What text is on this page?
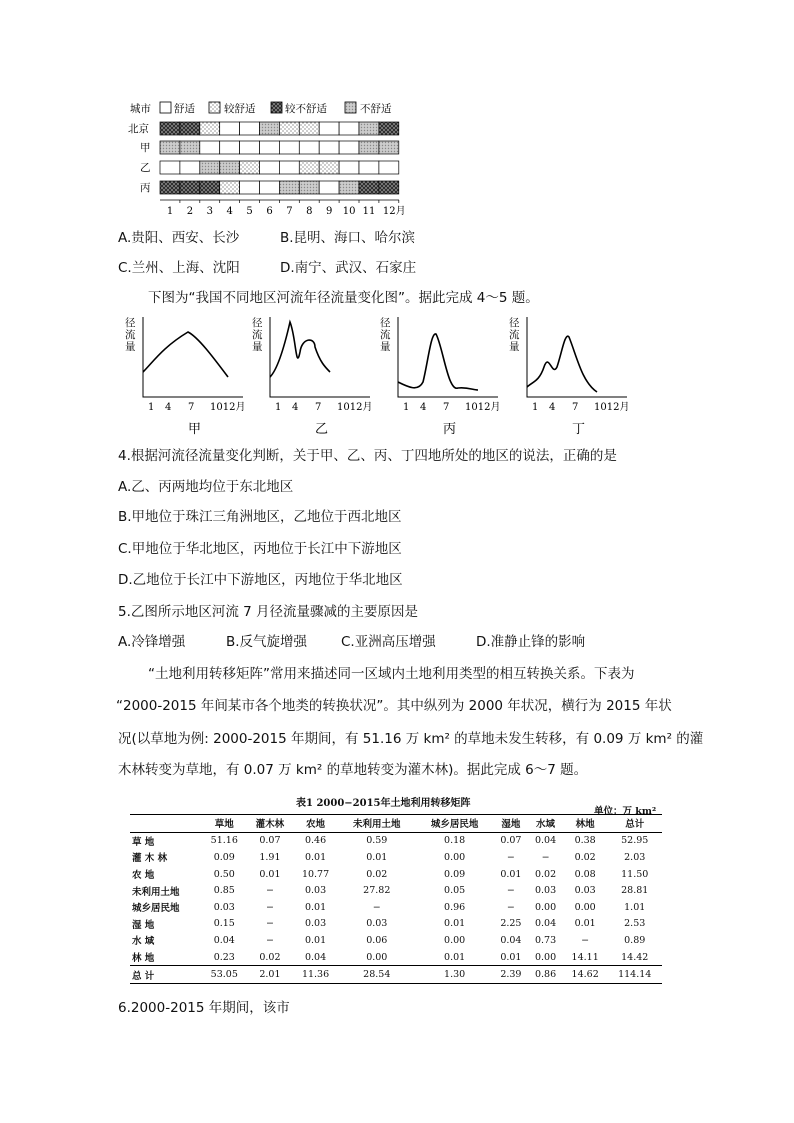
城市 舒适	较舒适	较不舒适	不舒适
北京
甲
乙
丙
1 2 3 4 5 6 7 8 9 10 11 12月
A.贵阳、西安、长沙	B.昆明、海口、哈尔滨
C.兰州、上海、沈阳	D.南宁、武汉、石家庄
下图为“我国不同地区河流年径流量变化图”。据此完成 4～5 题。
径
流
量
1 4 7 1012月
甲
径
流
量
1 4 7 1012月
乙
径
流
量
1 4 7 1012月
丙
径
流
量
1 4 7 1012月
丁
4.根据河流径流量变化判断，关于甲、乙、丙、丁四地所处的地区的说法，正确的是
A.乙、丙两地均位于东北地区
B.甲地位于珠江三角洲地区，乙地位于西北地区
C.甲地位于华北地区，丙地位于长江中下游地区
D.乙地位于长江中下游地区，丙地位于华北地区
5.乙图所示地区河流 7 月径流量骤减的主要原因是
A.冷锋增强	B.反气旋增强	C.亚洲高压增强	D.准静止锋的影响
“土地利用转移矩阵”常用来描述同一区域内土地利用类型的相互转换关系。下表为
“2000-2015 年间某市各个地类的转换状况”。其中纵列为 2000 年状况，横行为 2015 年状
况(以草地为例: 2000-2015 年期间，有 51.16 万 km² 的草地未发生转移，有 0.09 万 km² 的灌
木林转变为草地，有 0.07 万 km² 的草地转变为灌木林)。据此完成 6～7 题。
表1 2000−2015年土地利用转移矩阵
单位：万 km²
	草地	灌木林	农地	未利用土地	城乡居民地	湿地	水域	林地	总计
草 地	51.16	0.07	0.46	0.59	0.18	0.07	0.04	0.38	52.95
灌 木 林	0.09	1.91	0.01	0.01	0.00	−	−	0.02	2.03
农 地	0.50	0.01	10.77	0.02	0.09	0.01	0.02	0.08	11.50
未利用土地	0.85	−	0.03	27.82	0.05	−	0.03	0.03	28.81
城乡居民地	0.03	−	0.01	−	0.96	−	0.00	0.00	1.01
湿 地	0.15	−	0.03	0.03	0.01	2.25	0.04	0.01	2.53
水 域	0.04	−	0.01	0.06	0.00	0.04	0.73	−	0.89
林 地	0.23	0.02	0.04	0.00	0.01	0.01	0.00	14.11	14.42
总 计	53.05	2.01	11.36	28.54	1.30	2.39	0.86	14.62	114.14
6.2000-2015 年期间，该市
